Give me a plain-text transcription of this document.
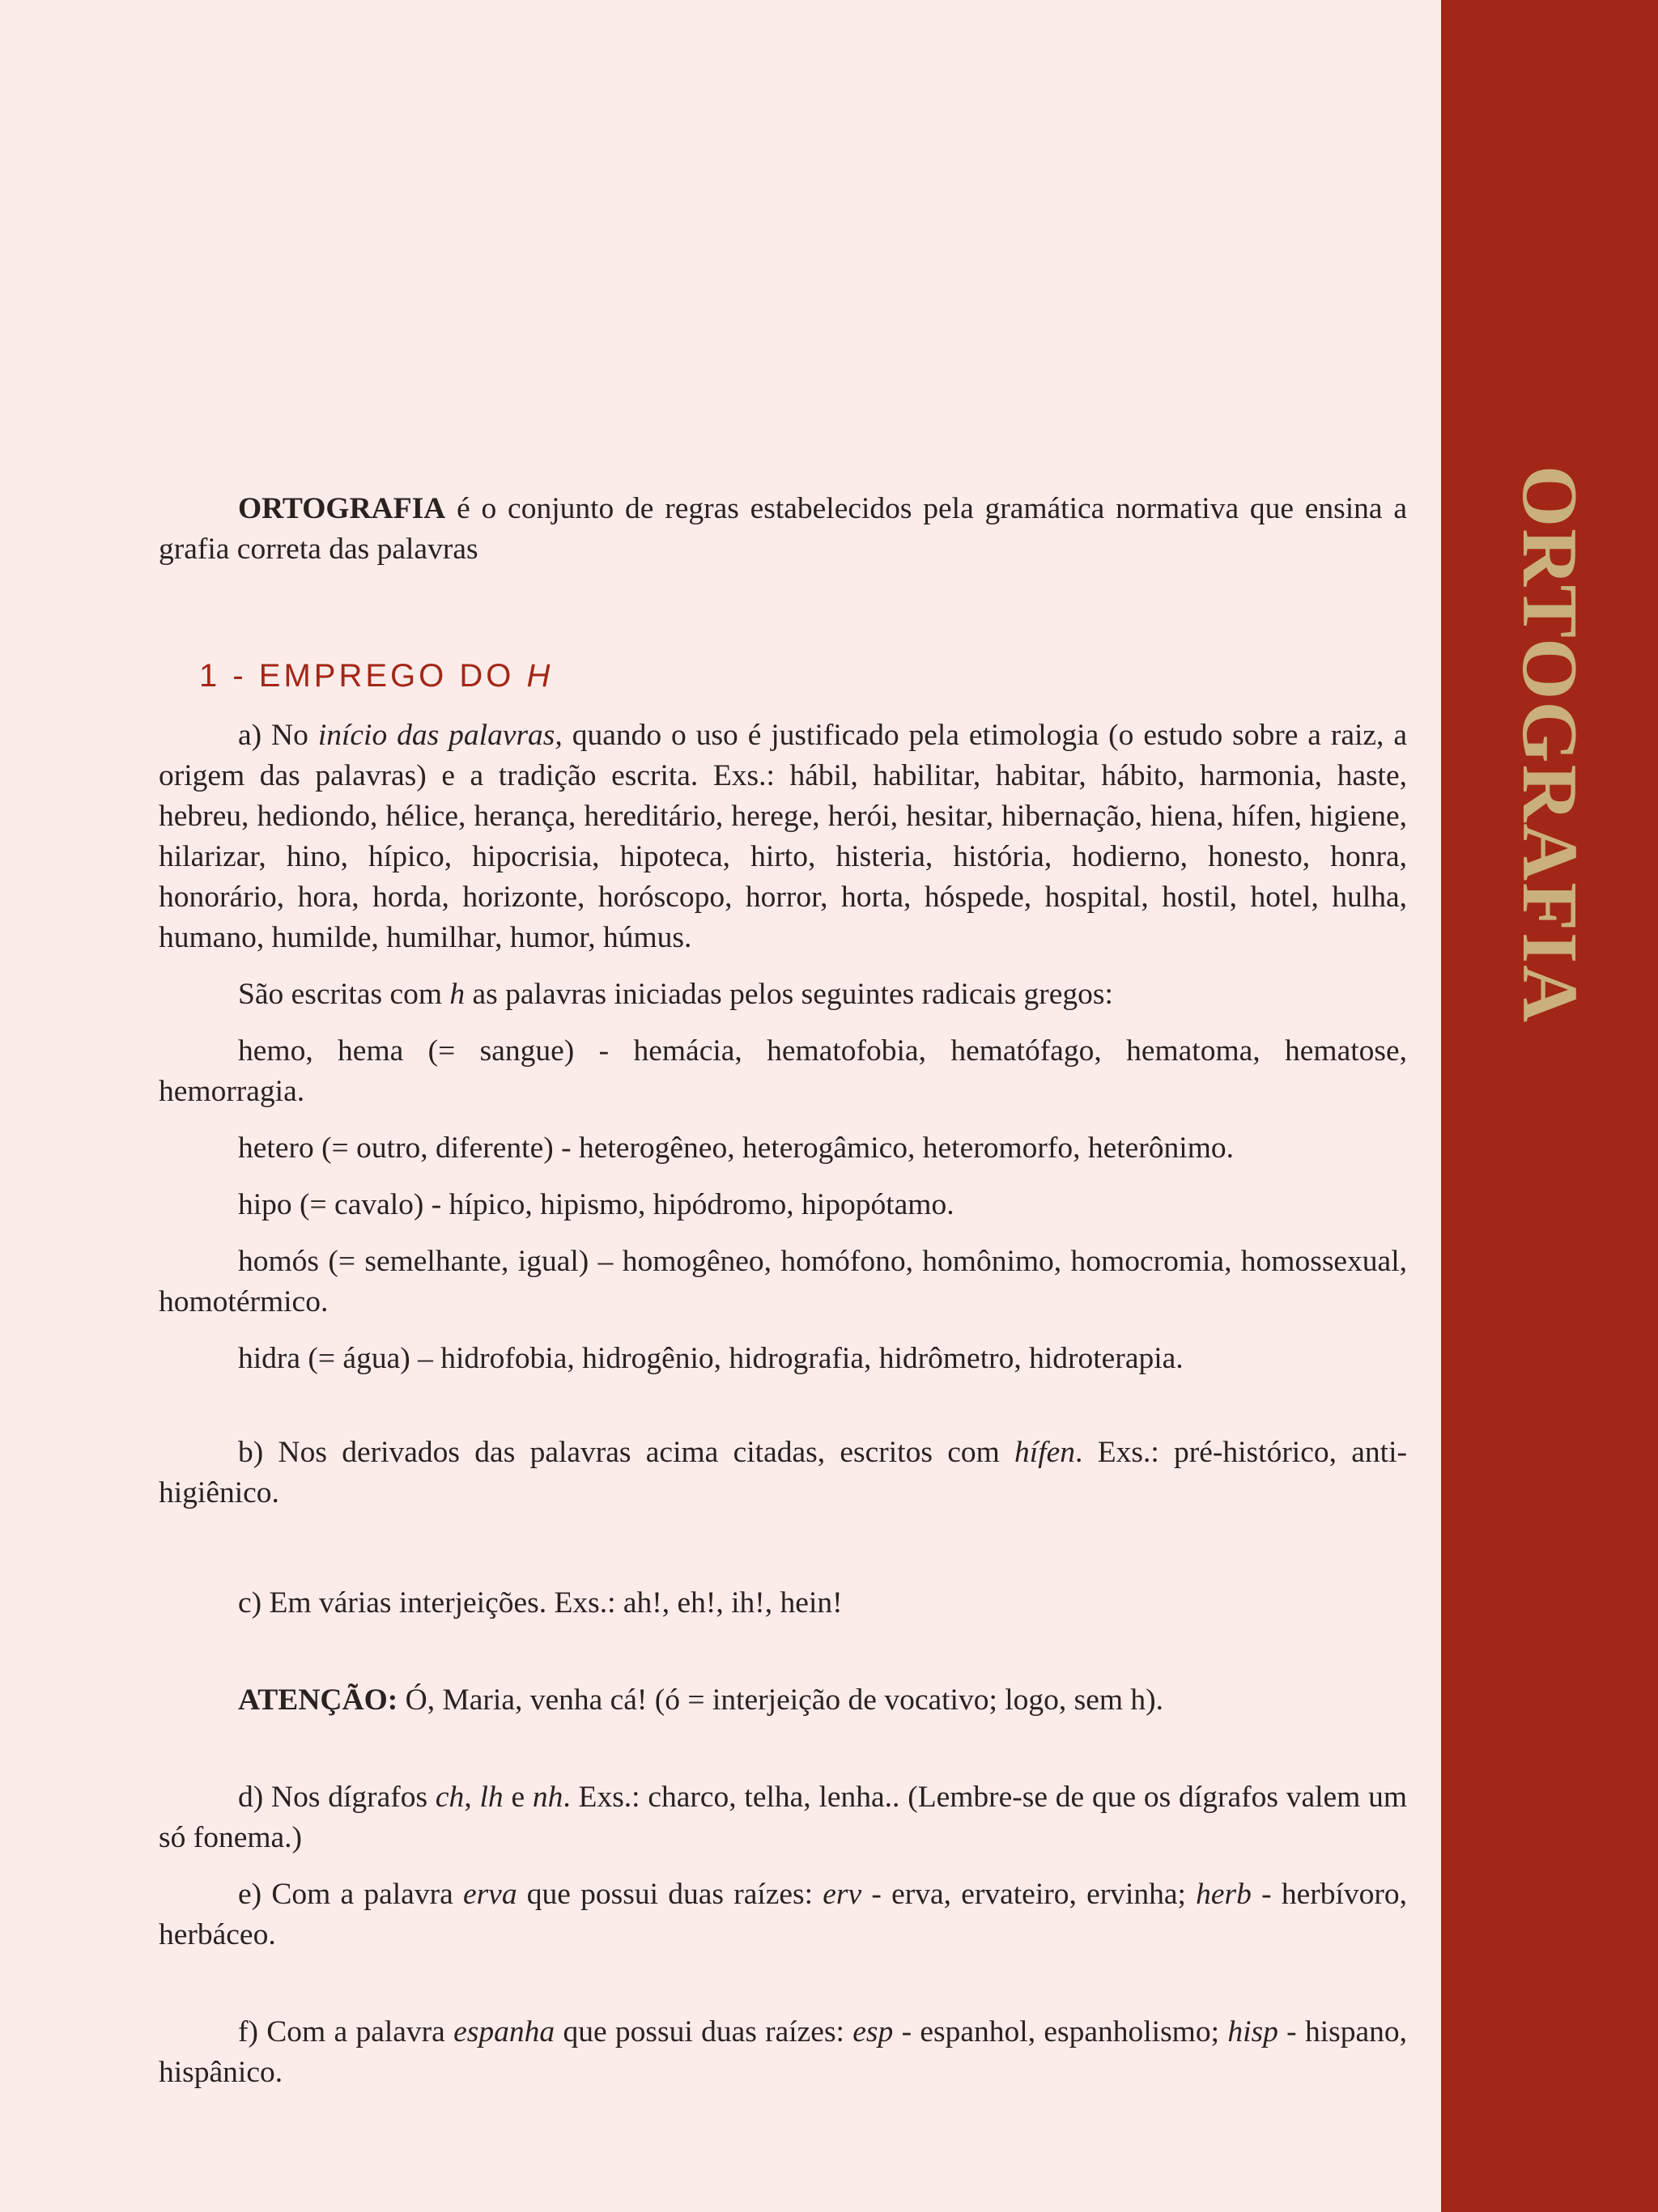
ORTOGRAFIA

ORTOGRAFIA é o conjunto de regras estabelecidos pela gramática normativa que ensina a grafia correta das palavras

1 - EMPREGO DO H

a) No início das palavras, quando o uso é justificado pela etimologia (o estudo sobre a raiz, a origem das palavras) e a tradição escrita. Exs.: hábil, habilitar, habitar, hábito, harmonia, haste, hebreu, hediondo, hélice, herança, hereditário, herege, herói, hesitar, hibernação, hiena, hífen, higiene, hilarizar, hino, hípico, hipocrisia, hipoteca, hirto, histeria, história, hodierno, honesto, honra, honorário, hora, horda, horizonte, horóscopo, horror, horta, hóspede, hospital, hostil, hotel, hulha, humano, humilde, humilhar, humor, húmus.

São escritas com h as palavras iniciadas pelos seguintes radicais gregos:

hemo, hema (= sangue) - hemácia, hematofobia, hematófago, hematoma, hematose, hemorragia.

hetero (= outro, diferente) - heterogêneo, heterogâmico, heteromorfo, heterônimo.

hipo (= cavalo) - hípico, hipismo, hipódromo, hipopótamo.

homós (= semelhante, igual) – homogêneo, homófono, homônimo, homocromia, homossexual, homotérmico.

hidra (= água) – hidrofobia, hidrogênio, hidrografia, hidrômetro, hidroterapia.

b) Nos derivados das palavras acima citadas, escritos com hífen. Exs.: pré-histórico, anti-higiênico.

c) Em várias interjeições. Exs.: ah!, eh!, ih!, hein!

ATENÇÃO: Ó, Maria, venha cá! (ó = interjeição de vocativo; logo, sem h).

d) Nos dígrafos ch, lh e nh. Exs.: charco, telha, lenha.. (Lembre-se de que os dígrafos valem um só fonema.)

e) Com a palavra erva que possui duas raízes: erv - erva, ervateiro, ervinha; herb - herbívoro, herbáceo.

f) Com a palavra espanha que possui duas raízes: esp - espanhol, espanholismo; hisp - hispano, hispânico.
